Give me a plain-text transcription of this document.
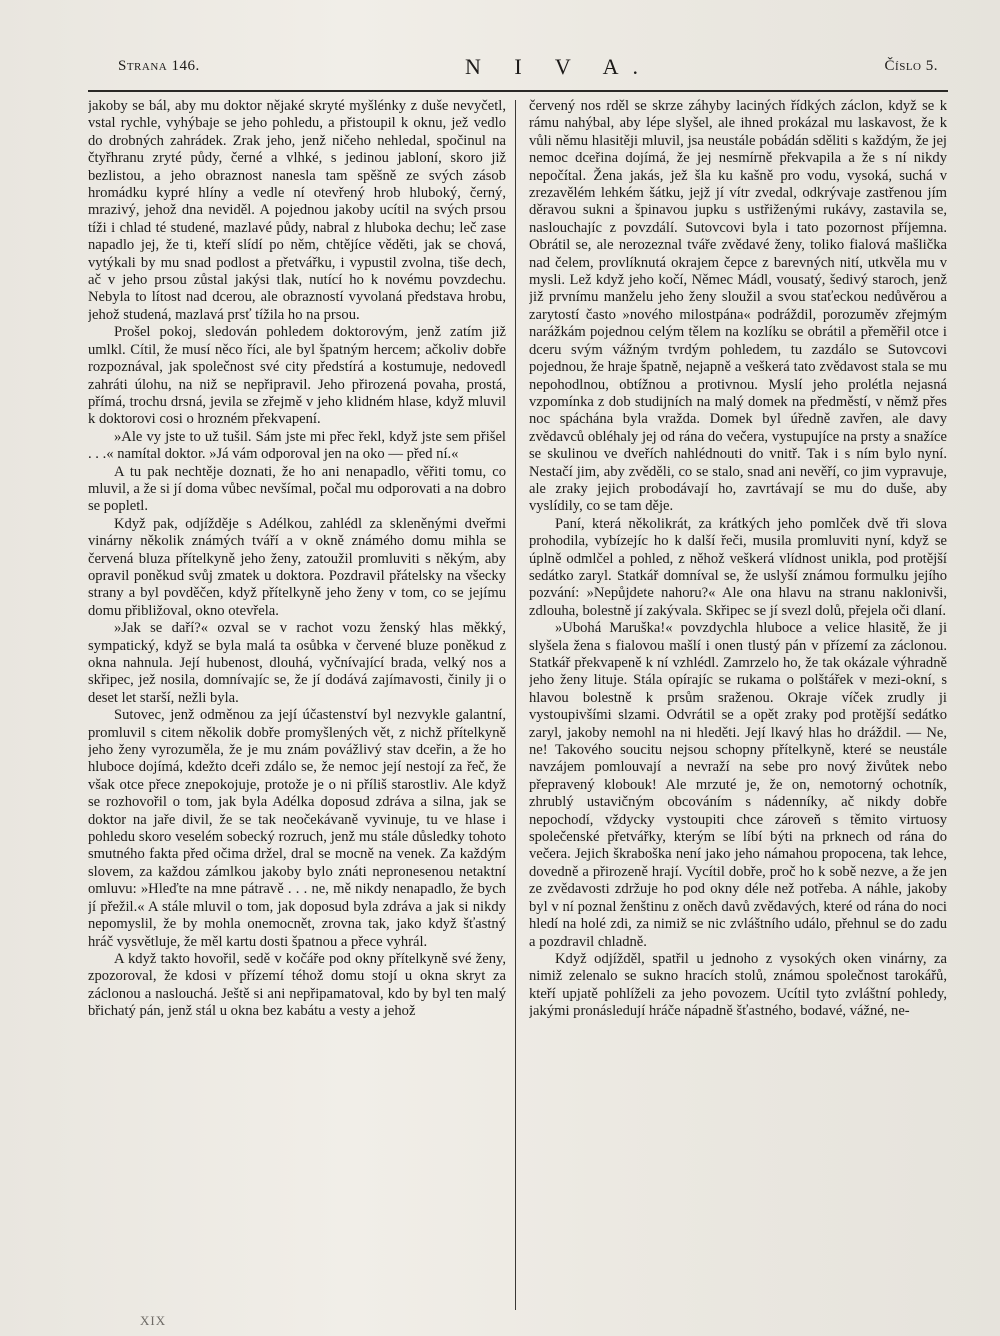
Strana 146.	N I V A.	Číslo 5.

jakoby se bál, aby mu doktor nějaké skryté myšlénky z duše nevyčetl, vstal rychle, vyhýbaje se jeho pohledu, a přistoupil k oknu, jež vedlo do drobných zahrádek. Zrak jeho, jenž ničeho nehledal, spočinul na čtyřhranu zryté půdy, černé a vlhké, s jedinou jabloní, skoro již bezlistou, a jeho obraznost nanesla tam spěšně ze svých zásob hromádku kypré hlíny a vedle ní otevřený hrob hluboký, černý, mrazivý, jehož dna neviděl. A pojednou jakoby ucítil na svých prsou tíži i chlad té studené, mazlavé půdy, nabral z hluboka dechu; leč zase napadlo jej, že ti, kteří slídí po něm, chtějíce věděti, jak se chová, vytýkali by mu snad podlost a přetvářku, i vypustil zvolna, tiše dech, ač v jeho prsou zůstal jakýsi tlak, nutící ho k novému povzdechu. Nebyla to lítost nad dcerou, ale obrazností vyvolaná představa hrobu, jehož studená, mazlavá prsť tížila ho na prsou.

Prošel pokoj, sledován pohledem doktorovým, jenž zatím již umlkl. Cítil, že musí něco říci, ale byl špatným hercem; ačkoliv dobře rozpoznával, jak společnost své city předstírá a kostumuje, nedovedl zahráti úlohu, na niž se nepřipravil. Jeho přirozená povaha, prostá, přímá, trochu drsná, jevila se zřejmě v jeho klidném hlase, když mluvil k doktorovi cosi o hrozném překvapení.

»Ale vy jste to už tušil. Sám jste mi přec řekl, když jste sem přišel . . .« namítal doktor. »Já vám odporoval jen na oko — před ní.«

A tu pak nechtěje doznati, že ho ani nenapadlo, věřiti tomu, co mluvil, a že si jí doma vůbec nevšímal, počal mu odporovati a na dobro se popletl.

Když pak, odjížděje s Adélkou, zahlédl za skleněnými dveřmi vinárny několik známých tváří a v okně známého domu mihla se červená bluza přítelkyně jeho ženy, zatoužil promluviti s někým, aby opravil poněkud svůj zmatek u doktora. Pozdravil přátelsky na všecky strany a byl povděčen, když přítelkyně jeho ženy v tom, co se jejímu domu přibližoval, okno otevřela.

»Jak se daří?« ozval se v rachot vozu ženský hlas měkký, sympatický, když se byla malá ta osůbka v červené bluze poněkud z okna nahnula. Její hubenost, dlouhá, vyčnívající brada, velký nos a skřipec, jež nosila, domnívajíc se, že jí dodává zajímavosti, činily ji o deset let starší, nežli byla.

Sutovec, jenž odměnou za její účastenství byl nezvykle galantní, promluvil s citem několik dobře promyšlených vět, z nichž přítelkyně jeho ženy vyrozuměla, že je mu znám povážlivý stav dceřin, a že ho hluboce dojímá, kdežto dceři zdálo se, že nemoc její nestojí za řeč, že však otce přece znepokojuje, protože je o ni příliš starostliv. Ale když se rozhovořil o tom, jak byla Adélka doposud zdráva a silna, jak se doktor na jaře divil, že se tak neočekávaně vyvinuje, tu ve hlase i pohledu skoro veselém sobecký rozruch, jenž mu stále důsledky tohoto smutného fakta před očima držel, dral se mocně na venek. Za každým slovem, za každou zámlkou jakoby bylo znáti nepronesenou netaktní omluvu: »Hleďte na mne pátravě . . . ne, mě nikdy nenapadlo, že bych jí přežil.« A stále mluvil o tom, jak doposud byla zdráva a jak si nikdy nepomyslil, že by mohla onemocnět, zrovna tak, jako když šťastný hráč vysvětluje, že měl kartu dosti špatnou a přece vyhrál.

A když takto hovořil, sedě v kočáře pod okny přítelkyně své ženy, zpozoroval, že kdosi v přízemí téhož domu stojí u okna skryt za záclonou a naslouchá. Ještě si ani nepřipamatoval, kdo by byl ten malý břichatý pán, jenž stál u okna bez kabátu a vesty a jehož

červený nos rděl se skrze záhyby laciných řídkých záclon, když se k rámu nahýbal, aby lépe slyšel, ale ihned prokázal mu laskavost, že k vůli němu hlasitěji mluvil, jsa neustále pobádán sděliti s každým, že jej nemoc dceřina dojímá, že jej nesmírně překvapila a že s ní nikdy nepočítal. Žena jakás, jež šla ku kašně pro vodu, vysoká, suchá v zrezavělém lehkém šátku, jejž jí vítr zvedal, odkrývaje zastřenou jím děravou sukni a špinavou jupku s ustřiženými rukávy, zastavila se, naslouchajíc z povzdálí. Sutovcovi byla i tato pozornost příjemna. Obrátil se, ale nerozeznal tváře zvědavé ženy, toliko fialová mašlička nad čelem, provlíknutá okrajem čepce z barevných nití, utkvěla mu v mysli. Lež když jeho kočí, Němec Mádl, vousatý, šedivý staroch, jenž již prvnímu manželu jeho ženy sloužil a svou staťeckou nedůvěrou a zarytostí často »nového milostpána« podráždil, porozuměv zřejmým narážkám pojednou celým tělem na kozlíku se obrátil a přeměřil otce i dceru svým vážným tvrdým pohledem, tu zazdálo se Sutovcovi pojednou, že hraje špatně, nejapně a veškerá tato zvědavost stala se mu nepohodlnou, obtížnou a protivnou. Myslí jeho prolétla nejasná vzpomínka z dob studijních na malý domek na předměstí, v němž přes noc spáchána byla vražda. Domek byl úředně zavřen, ale davy zvědavců obléhaly jej od rána do večera, vystupujíce na prsty a snažíce se skulinou ve dveřích nahlédnouti do vnitř. Tak i s ním bylo nyní. Nestačí jim, aby zvěděli, co se stalo, snad ani nevěří, co jim vypravuje, ale zraky jejich probodávají ho, zavrtávají se mu do duše, aby vyslídily, co se tam děje.

Paní, která několikrát, za krátkých jeho pomlček dvě tři slova prohodila, vybízejíc ho k další řeči, musila promluviti nyní, když se úplně odmlčel a pohled, z něhož veškerá vlídnost unikla, pod protější sedátko zaryl. Statkář domníval se, že uslyší známou formulku jejího pozvání: »Nepůjdete nahoru?« Ale ona hlavu na stranu naklonivši, zdlouha, bolestně jí zakývala. Skřipec se jí svezl dolů, přejela oči dlaní.

»Ubohá Maruška!« povzdychla hluboce a velice hlasitě, že ji slyšela žena s fialovou mašlí i onen tlustý pán v přízemí za záclonou. Statkář překvapeně k ní vzhlédl. Zamrzelo ho, že tak okázale výhradně jeho ženy lituje. Stála opírajíc se rukama o polštářek v mezi-okní, s hlavou bolestně k prsům sraženou. Okraje víček zrudly ji vystoupivšími slzami. Odvrátil se a opět zraky pod protější sedátko zaryl, jakoby nemohl na ni hleděti. Její lkavý hlas ho dráždil. — Ne, ne! Takového soucitu nejsou schopny přítelkyně, které se neustále navzájem pomlouvají a nevraží na sebe pro nový živůtek nebo přepravený klobouk! Ale mrzuté je, že on, nemotorný ochotník, zhrublý ustavičným obcováním s nádenníky, ač nikdy dobře nepochodí, vždycky vystoupiti chce zároveň s těmito virtuosy společenské přetvářky, kterým se líbí býti na prknech od rána do večera. Jejich škraboška není jako jeho námahou propocena, tak lehce, dovedně a přirozeně hrají. Vycítil dobře, proč ho k sobě nezve, a že jen ze zvědavosti zdržuje ho pod okny déle než potřeba. A náhle, jakoby byl v ní poznal ženštinu z oněch davů zvědavých, které od rána do noci hledí na holé zdi, za nimiž se nic zvláštního událo, přehnul se do zadu a pozdravil chladně.

Když odjížděl, spatřil u jednoho z vysokých oken vinárny, za nimiž zelenalo se sukno hracích stolů, známou společnost tarokářů, kteří upjatě pohlíželi za jeho povozem. Ucítil tyto zvláštní pohledy, jakými pronásledují hráče nápadně šťastného, bodavé, vážné, ne-

XIX
